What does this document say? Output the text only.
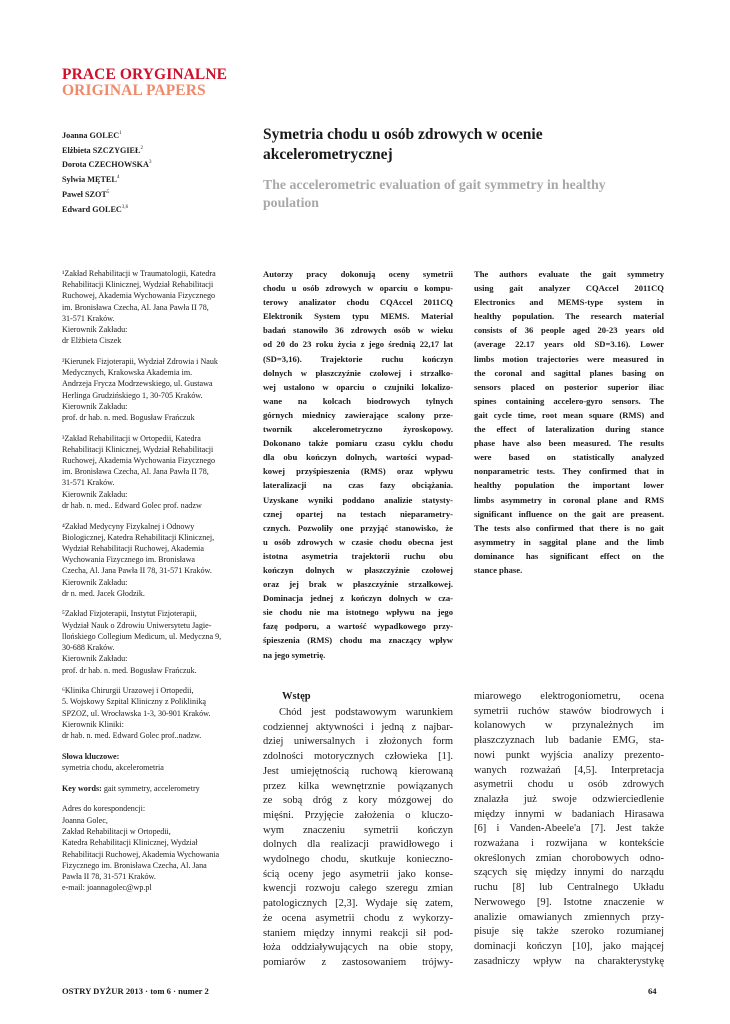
PRACE ORYGINALNE
ORIGINAL PAPERS
Joanna GOLEC$^1$
Elżbieta SZCZYGIEŁ$^2$
Dorota CZECHOWSKA$^3$
Sylwia MĘTEL$^4$
Paweł SZOT$^5$
Edward GOLEC$^{3,6}$
Symetria chodu u osób zdrowych w ocenie akcelerometrycznej
The accelerometric evaluation of gait symmetry in healthy poulation
¹Zakład Rehabilitacji w Traumatologii, Katedra
Rehabilitacji Klinicznej, Wydział Rehabilitacji
Ruchowej, Akademia Wychowania Fizycznego
im. Bronisława Czecha, Al. Jana Pawła II 78,
31-571 Kraków.
Kierownik Zakładu:
dr Elżbieta Ciszek
²Kierunek Fizjoterapii, Wydział Zdrowia i Nauk
Medycznych, Krakowska Akademia im.
Andrzeja Frycza Modrzewskiego, ul. Gustawa
Herlinga Grudzińskiego 1, 30-705 Kraków.
Kierownik Zakładu:
prof. dr hab. n. med. Bogusław Frańczuk
³Zakład Rehabilitacji w Ortopedii, Katedra
Rehabilitacji Klinicznej, Wydział Rehabilitacji
Ruchowej, Akademia Wychowania Fizycznego
im. Bronisława Czecha, Al. Jana Pawła II 78,
31-571 Kraków.
Kierownik Zakładu:
dr hab. n. med.. Edward Golec prof. nadzw
⁴Zakład Medycyny Fizykalnej i Odnowy
Biologicznej, Katedra Rehabilitacji Klinicznej,
Wydział Rehabilitacji Ruchowej, Akademia
Wychowania Fizycznego im. Bronisława
Czecha, Al. Jana Pawła II 78, 31-571 Kraków.
Kierownik Zakładu:
dr n. med. Jacek Głodzik.
⁵Zakład Fizjoterapii, Instytut Fizjoterapii,
Wydział Nauk o Zdrowiu Uniwersytetu Jagie-
llońskiego Collegium Medicum, ul. Medyczna 9,
30-688 Kraków.
Kierownik Zakładu:
prof. dr hab. n. med. Bogusław Frańczuk.
⁶Klinika Chirurgii Urazowej i Ortopedii,
5. Wojskowy Szpital Kliniczny z Polikliniką
SPZOZ, ul. Wrocławska 1-3, 30-901 Kraków.
Kierownik Kliniki:
dr hab. n. med. Edward Golec prof..nadzw.
Słowa kluczowe:
symetria chodu, akcelerometria
Key words: gait symmetry, accelerometry
Adres do korespondencji:
Joanna Golec,
Zakład Rehabilitacji w Ortopedii,
Katedra Rehabilitacji Klinicznej, Wydział
Rehabilitacji Ruchowej, Akademia Wychowania
Fizycznego im. Bronisława Czecha, Al. Jana
Pawła II 78, 31-571 Kraków.
e-mail: joannagolec@wp.pl
Autorzy pracy dokonują oceny symetrii
chodu u osób zdrowych w oparciu o kompu-
terowy analizator chodu CQAccel 2011CQ
Elektronik System typu MEMS. Materiał
badań stanowiło 36 zdrowych osób w wieku
od 20 do 23 roku życia z jego średnią 22,17 lat
(SD=3,16). Trajektorie ruchu kończyn
dolnych w płaszczyźnie czołowej i strzałko-
wej ustalono w oparciu o czujniki lokalizo-
wane na kolcach biodrowych tylnych
górnych miednicy zawierające scalony prze-
twornik akcelerometryczno żyroskopowy.
Dokonano także pomiaru czasu cyklu chodu
dla obu kończyn dolnych, wartości wypad-
kowej przyśpieszenia (RMS) oraz wpływu
lateralizacji na czas fazy obciążania.
Uzyskane wyniki poddano analizie statysty-
cznej opartej na testach nieparametry-
cznych. Pozwoliły one przyjąć stanowisko, że
u osób zdrowych w czasie chodu obecna jest
istotna asymetria trajektorii ruchu obu
kończyn dolnych w płaszczyźnie czołowej
oraz jej brak w płaszczyźnie strzałkowej.
Dominacja jednej z kończyn dolnych w cza-
sie chodu nie ma istotnego wpływu na jego
fazę podporu, a wartość wypadkowego przy-
śpieszenia (RMS) chodu ma znaczący wpływ
na jego symetrię.
The authors evaluate the gait symmetry
using gait analyzer CQAccel 2011CQ
Electronics and MEMS-type system in
healthy population. The research material
consists of 36 people aged 20-23 years old
(average 22.17 years old SD=3.16). Lower
limbs motion trajectories were measured in
the coronal and sagittal planes basing on
sensors placed on posterior superior iliac
spines containing accelero-gyro sensors. The
gait cycle time, root mean square (RMS) and
the effect of lateralization during stance
phase have also been measured. The results
were based on statistically analyzed
nonparametric tests. They confirmed that in
healthy population the important lower
limbs asymmetry in coronal plane and RMS
significant influence on the gait are preasent.
The tests also confirmed that there is no gait
asymmetry in saggital plane and the limb
dominance has significant effect on the
stance phase.
Wstęp
Chód jest podstawowym warunkiem
codziennej aktywności i jedną z najbar-
dziej uniwersalnych i złożonych form
zdolności motorycznych człowieka [1].
Jest umiejętnością ruchową kierowaną
przez kilka wewnętrznie powiązanych
ze sobą dróg z kory mózgowej do
mięśni. Przyjęcie założenia o kluczo-
wym znaczeniu symetrii kończyn
dolnych dla realizacji prawidłowego i
wydolnego chodu, skutkuje konieczno-
ścią oceny jego asymetrii jako konse-
kwencji rozwoju całego szeregu zmian
patologicznych [2,3]. Wydaje się zatem,
że ocena asymetrii chodu z wykorzy-
staniem między innymi reakcji sił pod-
łoża oddziaływujących na obie stopy,
pomiarów z zastosowaniem trójwy-
miarowego elektrogoniometru, ocena
symetrii ruchów stawów biodrowych i
kolanowych w przynależnych im
płaszczyznach lub badanie EMG, sta-
nowi punkt wyjścia analizy prezento-
wanych rozważań [4,5]. Interpretacja
asymetrii chodu u osób zdrowych
znalazła już swoje odzwierciedlenie
między innymi w badaniach Hirasawa
[6] i Vanden-Abeele'a [7]. Jest także
rozważana i rozwijana w kontekście
określonych zmian chorobowych odno-
szących się między innymi do narządu
ruchu [8] lub Centralnego Układu
Nerwowego [9]. Istotne znaczenie w
analizie omawianych zmiennych przy-
pisuje się także szeroko rozumianej
dominacji kończyn [10], jako mającej
zasadniczy wpływ na charakterystykę
OSTRY DYŻUR 2013 · tom 6 · numer 2	64
